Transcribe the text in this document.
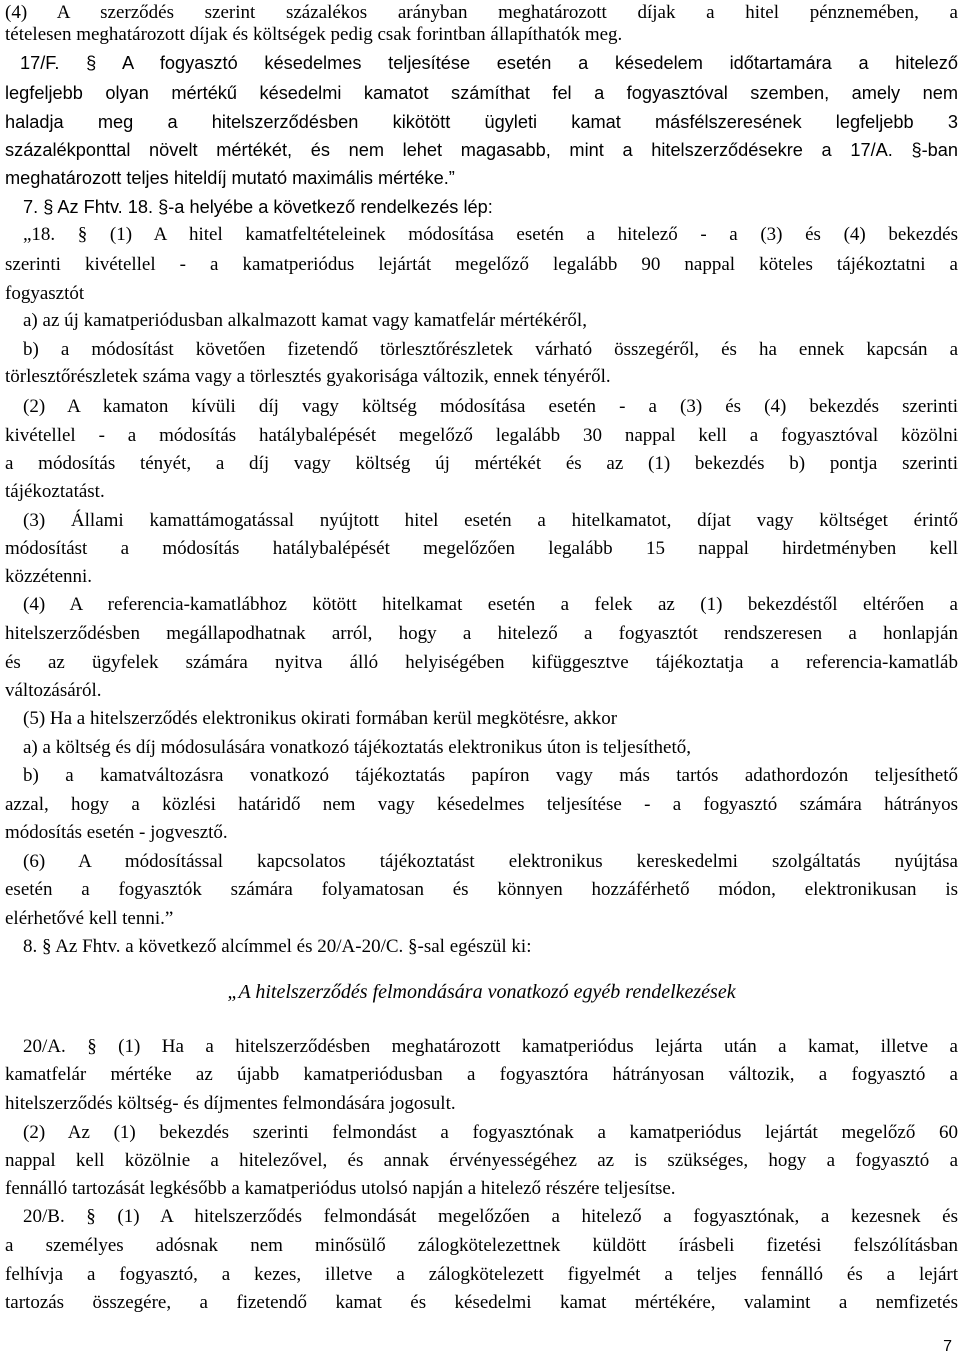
(4) A szerződés szerint százalékos arányban meghatározott díjak a hitel pénznemében, a
tételesen meghatározott díjak és költségek pedig csak forintban állapíthatók meg.
17/F. § A fogyasztó késedelmes teljesítése esetén a késedelem időtartamára a hitelező
legfeljebb olyan mértékű késedelmi kamatot számíthat fel a fogyasztóval szemben, amely nem
haladja meg a hitelszerződésben kikötött ügyleti kamat másfélszeresének legfeljebb 3
százalékponttal növelt mértékét, és nem lehet magasabb, mint a hitelszerződésekre a 17/A. §-ban
meghatározott teljes hiteldíj mutató maximális mértéke.”
7. § Az Fhtv. 18. §-a helyébe a következő rendelkezés lép:
„18. § (1) A hitel kamatfeltételeinek módosítása esetén a hitelező - a (3) és (4) bekezdés
szerinti kivétellel - a kamatperiódus lejártát megelőző legalább 90 nappal köteles tájékoztatni a
fogyasztót
a) az új kamatperiódusban alkalmazott kamat vagy kamatfelár mértékéről,
b) a módosítást követően fizetendő törlesztőrészletek várható összegéről, és ha ennek kapcsán a
törlesztőrészletek száma vagy a törlesztés gyakorisága változik, ennek tényéről.
(2) A kamaton kívüli díj vagy költség módosítása esetén - a (3) és (4) bekezdés szerinti
kivétellel - a módosítás hatálybalépését megelőző legalább 30 nappal kell a fogyasztóval közölni
a módosítás tényét, a díj vagy költség új mértékét és az (1) bekezdés b) pontja szerinti
tájékoztatást.
(3) Állami kamattámogatással nyújtott hitel esetén a hitelkamatot, díjat vagy költséget érintő
módosítást a módosítás hatálybalépését megelőzően legalább 15 nappal hirdetményben kell
közzétenni.
(4) A referencia-kamatlábhoz kötött hitelkamat esetén a felek az (1) bekezdéstől eltérően a
hitelszerződésben megállapodhatnak arról, hogy a hitelező a fogyasztót rendszeresen a honlapján
és az ügyfelek számára nyitva álló helyiségében kifüggesztve tájékoztatja a referencia-kamatláb
változásáról.
(5) Ha a hitelszerződés elektronikus okirati formában kerül megkötésre, akkor
a) a költség és díj módosulására vonatkozó tájékoztatás elektronikus úton is teljesíthető,
b) a kamatváltozásra vonatkozó tájékoztatás papíron vagy más tartós adathordozón teljesíthető
azzal, hogy a közlési határidő nem vagy késedelmes teljesítése - a fogyasztó számára hátrányos
módosítás esetén - jogvesztő.
(6) A módosítással kapcsolatos tájékoztatást elektronikus kereskedelmi szolgáltatás nyújtása
esetén a fogyasztók számára folyamatosan és könnyen hozzáférhető módon, elektronikusan is
elérhetővé kell tenni.”
8. § Az Fhtv. a következő alcímmel és 20/A-20/C. §-sal egészül ki:
„A hitelszerződés felmondására vonatkozó egyéb rendelkezések
20/A. § (1) Ha a hitelszerződésben meghatározott kamatperiódus lejárta után a kamat, illetve a
kamatfelár mértéke az újabb kamatperiódusban a fogyasztóra hátrányosan változik, a fogyasztó a
hitelszerződés költség- és díjmentes felmondására jogosult.
(2) Az (1) bekezdés szerinti felmondást a fogyasztónak a kamatperiódus lejártát megelőző 60
nappal kell közölnie a hitelezővel, és annak érvényességéhez az is szükséges, hogy a fogyasztó a
fennálló tartozását legkésőbb a kamatperiódus utolsó napján a hitelező részére teljesítse.
20/B. § (1) A hitelszerződés felmondását megelőzően a hitelező a fogyasztónak, a kezesnek és
a személyes adósnak nem minősülő zálogkötelezettnek küldött írásbeli fizetési felszólításban
felhívja a fogyasztó, a kezes, illetve a zálogkötelezett figyelmét a teljes fennálló és a lejárt
tartozás összegére, a fizetendő kamat és késedelmi kamat mértékére, valamint a nemfizetés
7
